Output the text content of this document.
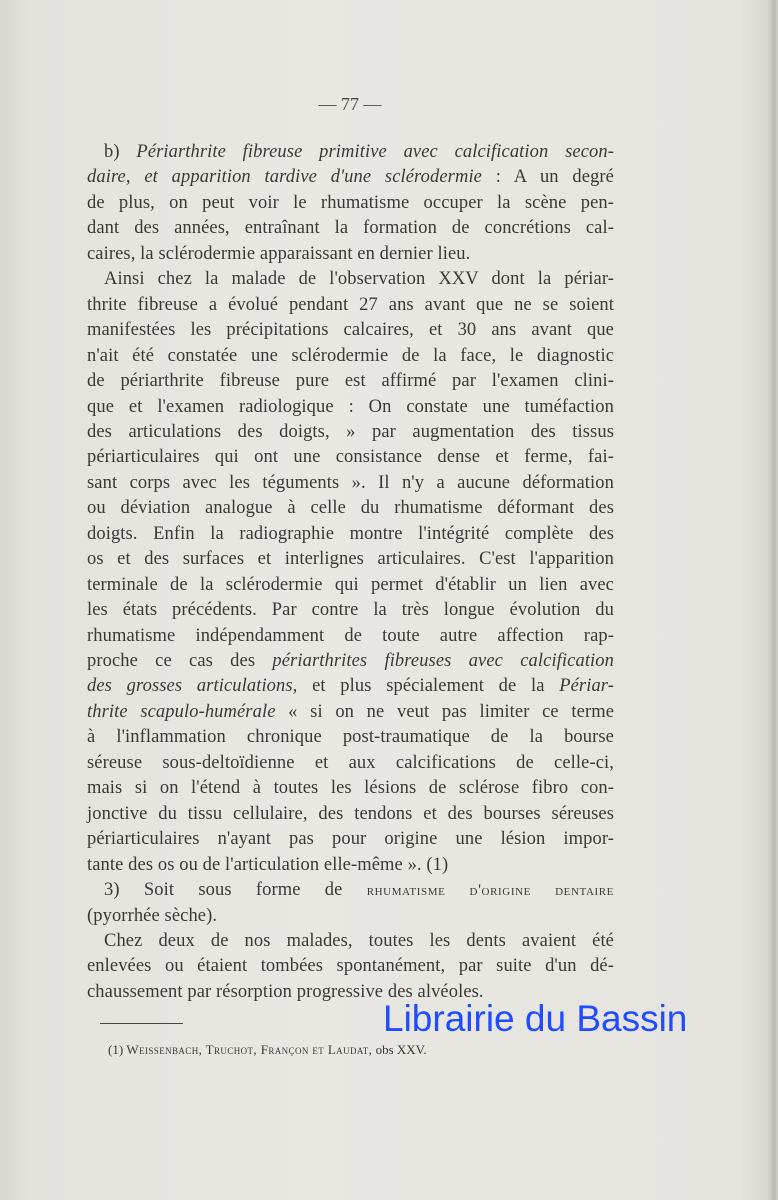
— 77 —
b) Périarthrite fibreuse primitive avec calcification secon-
daire, et apparition tardive d'une sclérodermie : A un degré
de plus, on peut voir le rhumatisme occuper la scène pen-
dant des années, entraînant la formation de concrétions cal-
caires, la sclérodermie apparaissant en dernier lieu.
Ainsi chez la malade de l'observation XXV dont la périar-
thrite fibreuse a évolué pendant 27 ans avant que ne se soient
manifestées les précipitations calcaires, et 30 ans avant que
n'ait été constatée une sclérodermie de la face, le diagnostic
de périarthrite fibreuse pure est affirmé par l'examen clini-
que et l'examen radiologique : On constate une tuméfaction
des articulations des doigts, » par augmentation des tissus
périarticulaires qui ont une consistance dense et ferme, fai-
sant corps avec les téguments ». Il n'y a aucune déformation
ou déviation analogue à celle du rhumatisme déformant des
doigts. Enfin la radiographie montre l'intégrité complète des
os et des surfaces et interlignes articulaires. C'est l'apparition
terminale de la sclérodermie qui permet d'établir un lien avec
les états précédents. Par contre la très longue évolution du
rhumatisme indépendamment de toute autre affection rap-
proche ce cas des périarthrites fibreuses avec calcification
des grosses articulations, et plus spécialement de la Périar-
thrite scapulo-humérale « si on ne veut pas limiter ce terme
à l'inflammation chronique post-traumatique de la bourse
séreuse sous-deltoïdienne et aux calcifications de celle-ci,
mais si on l'étend à toutes les lésions de sclérose fibro con-
jonctive du tissu cellulaire, des tendons et des bourses séreuses
périarticulaires n'ayant pas pour origine une lésion impor-
tante des os ou de l'articulation elle-même ». (1)
3) Soit sous forme de rhumatisme d'origine dentaire
(pyorrhée sèche).
Chez deux de nos malades, toutes les dents avaient été
enlevées ou étaient tombées spontanément, par suite d'un dé-
chaussement par résorption progressive des alvéoles.
(1) Weissenbach, Truchot, Françon et Laudat, obs XXV.
Librairie du Bassin
